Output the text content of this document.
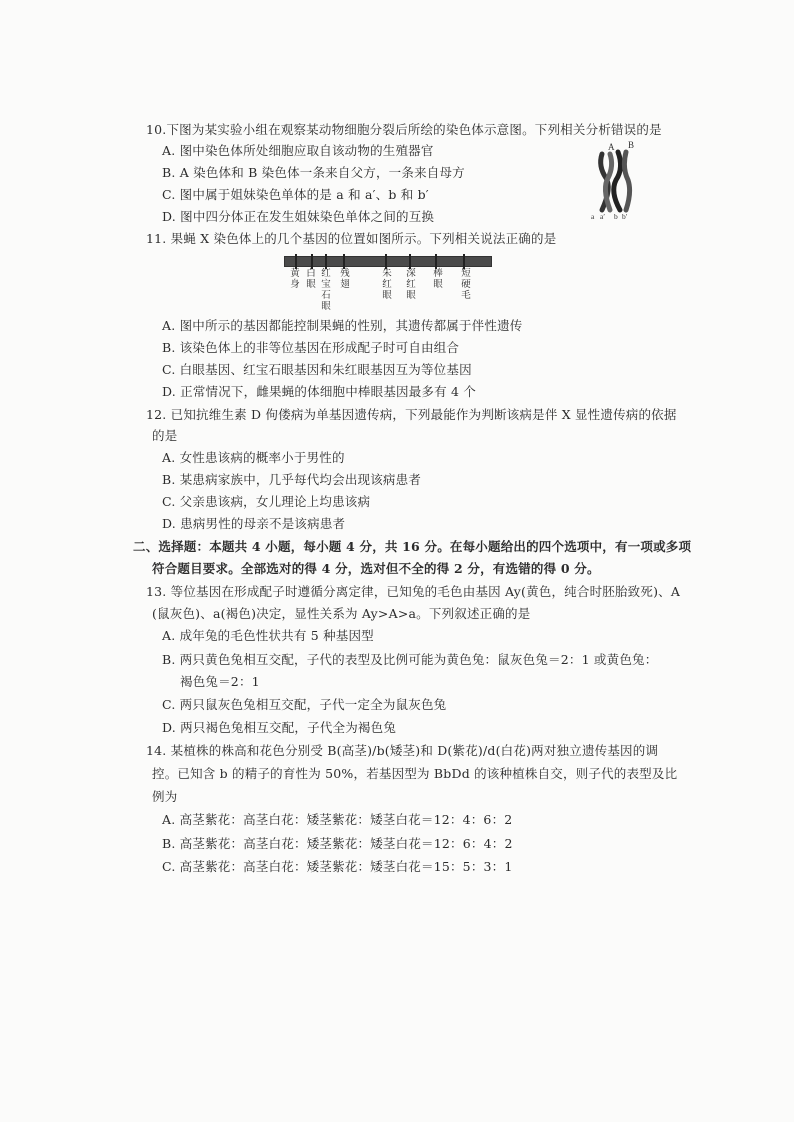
10.下图为某实验小组在观察某动物细胞分裂后所绘的染色体示意图。下列相关分析错误的是
A. 图中染色体所处细胞应取自该动物的生殖器官
B. A 染色体和 B 染色体一条来自父方，一条来自母方
C. 图中属于姐妹染色单体的是 a 和 a′、b 和 b′
D. 图中四分体正在发生姐妹染色单体之间的互换
A B
a a′ b b′
11. 果蝇 X 染色体上的几个基因的位置如图所示。下列相关说法正确的是
黄身
白眼
红宝石眼
残翅
朱红眼
深红眼
棒眼
短硬毛
A. 图中所示的基因都能控制果蝇的性别，其遗传都属于伴性遗传
B. 该染色体上的非等位基因在形成配子时可自由组合
C. 白眼基因、红宝石眼基因和朱红眼基因互为等位基因
D. 正常情况下，雌果蝇的体细胞中棒眼基因最多有 4 个
12. 已知抗维生素 D 佝偻病为单基因遗传病，下列最能作为判断该病是伴 X 显性遗传病的依据
的是
A. 女性患该病的概率小于男性的
B. 某患病家族中，几乎每代均会出现该病患者
C. 父亲患该病，女儿理论上均患该病
D. 患病男性的母亲不是该病患者
二、选择题：本题共 4 小题，每小题 4 分，共 16 分。在每小题给出的四个选项中，有一项或多项
符合题目要求。全部选对的得 4 分，选对但不全的得 2 分，有选错的得 0 分。
13. 等位基因在形成配子时遵循分离定律，已知兔的毛色由基因 Ay(黄色，纯合时胚胎致死)、A
(鼠灰色)、a(褐色)决定，显性关系为 Ay>A>a。下列叙述正确的是
A. 成年兔的毛色性状共有 5 种基因型
B. 两只黄色兔相互交配，子代的表型及比例可能为黄色兔：鼠灰色兔＝2：1 或黄色兔：
褐色兔＝2：1
C. 两只鼠灰色兔相互交配，子代一定全为鼠灰色兔
D. 两只褐色兔相互交配，子代全为褐色兔
14. 某植株的株高和花色分别受 B(高茎)/b(矮茎)和 D(紫花)/d(白花)两对独立遗传基因的调
控。已知含 b 的精子的育性为 50%，若基因型为 BbDd 的该种植株自交，则子代的表型及比
例为
A. 高茎紫花：高茎白花：矮茎紫花：矮茎白花＝12：4：6：2
B. 高茎紫花：高茎白花：矮茎紫花：矮茎白花＝12：6：4：2
C. 高茎紫花：高茎白花：矮茎紫花：矮茎白花＝15：5：3：1
